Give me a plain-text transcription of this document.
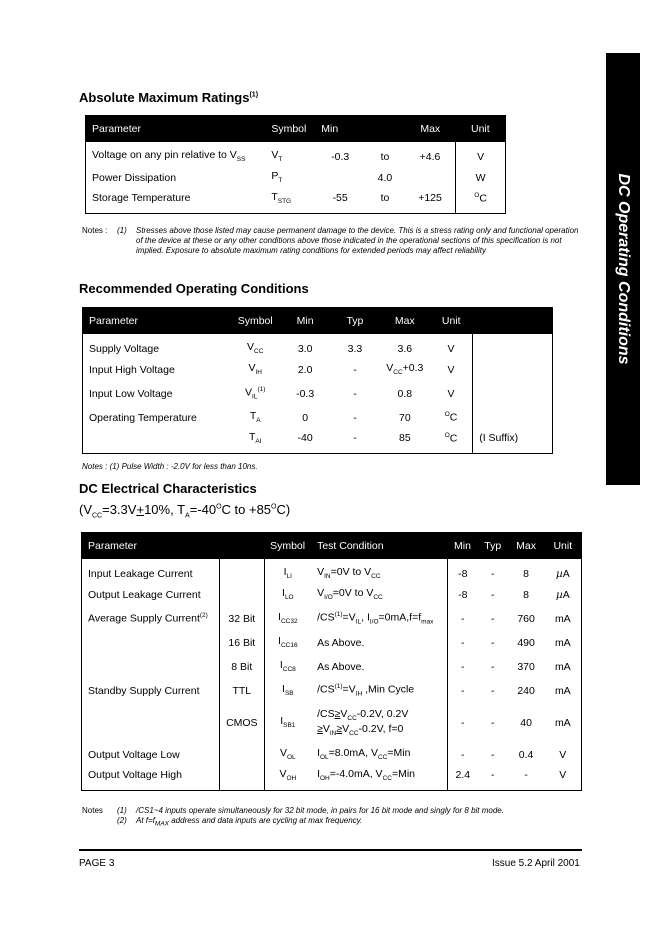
DC Operating Conditions
Absolute Maximum Ratings$^{(1)}$
Parameter	Symbol	Min		Max	Unit
Voltage on any pin relative to $V_{SS}$	$V_T$	-0.3	to	+4.6	V
Power Dissipation	$P_T$		4.0		W
Storage Temperature	$T_{STG}$	-55	to	+125	$^O$C
Notes : (1) Stresses above those listed may cause permanent damage to the device. This is a stress rating only and functional operation of the device at these or any other conditions above those indicated in the operational sections of this specification is not implied. Exposure to absolute maximum rating conditions for extended periods may affect reliability
Recommended Operating Conditions
Parameter	Symbol	Min	Typ	Max	Unit	
Supply Voltage	$V_{CC}$	3.0	3.3	3.6	V	
Input High Voltage	$V_{IH}$	2.0	-	$V_{CC}+0.3$	V	
Input Low Voltage	$V_{IL}^{(1)}$	-0.3	-	0.8	V	
Operating Temperature	$T_A$	0	-	70	$^O$C	
	$T_{AI}$	-40	-	85	$^O$C	(I Suffix)
Notes : (1) Pulse Width : -2.0V for less than 10ns.
DC Electrical Characteristics
($V_{CC}=3.3V+10\%$, $T_A=-40^OC$ to $+85^OC$)
Parameter		Symbol	Test Condition	Min	Typ	Max	Unit
Input Leakage Current		$I_{LI}$	$V_{IN}=0V$ to $V_{CC}$	-8	-	8	µA
Output Leakage Current		$I_{LO}$	$V_{I/O}=0V$ to $V_{CC}$	-8	-	8	µA
Average Supply Current$^{(2)}$	32 Bit	$I_{CC32}$	$/CS^{(1)}=V_{IL}$, $I_{I/O}=0mA,f=f_{max}$	-	-	760	mA
	16 Bit	$I_{CC16}$	As Above.	-	-	490	mA
	8 Bit	$I_{CC8}$	As Above.	-	-	370	mA
Standby Supply Current	TTL	$I_{SB}$	$/CS^{(1)}=V_{IH}$ ,Min Cycle	-	-	240	mA
	CMOS	$I_{SB1}$	$/CS\ge V_{CC}-0.2V$, 0.2V
$\ge V_{IN}\ge V_{CC}-0.2V$, f=0	-	-	40	mA
Output Voltage Low		$V_{OL}$	$I_{OL}=8.0mA$, $V_{CC}=Min$	-	-	0.4	V
Output Voltage High		$V_{OH}$	$I_{OH}=-4.0mA$, $V_{CC}=Min$	2.4	-	-	V
Notes (1) /CS1~4 inputs operate simultaneously for 32 bit mode, in pairs for 16 bit mode and singly for 8 bit mode.
(2) At $f=f_{MAX}$ address and data inputs are cycling at max frequency.
PAGE 3	Issue 5.2 April 2001
